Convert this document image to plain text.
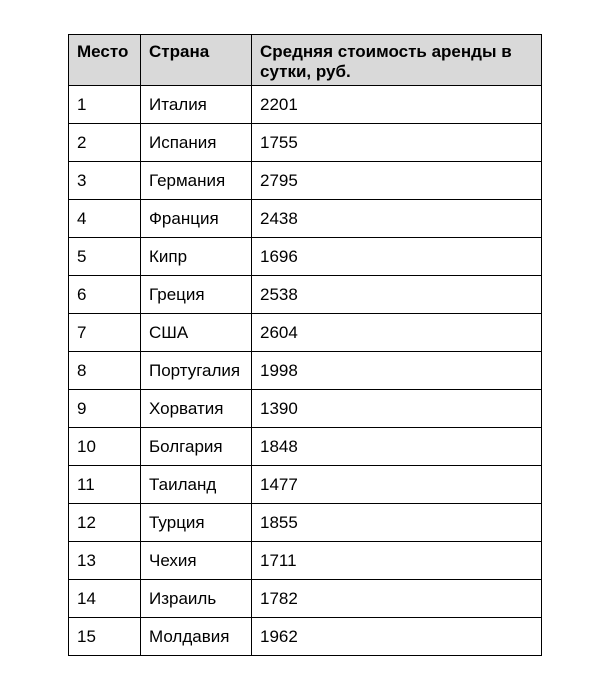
Место	Страна	Средняя стоимость аренды в сутки, руб.
1	Италия	2201
2	Испания	1755
3	Германия	2795
4	Франция	2438
5	Кипр	1696
6	Греция	2538
7	США	2604
8	Португалия	1998
9	Хорватия	1390
10	Болгария	1848
11	Таиланд	1477
12	Турция	1855
13	Чехия	1711
14	Израиль	1782
15	Молдавия	1962
